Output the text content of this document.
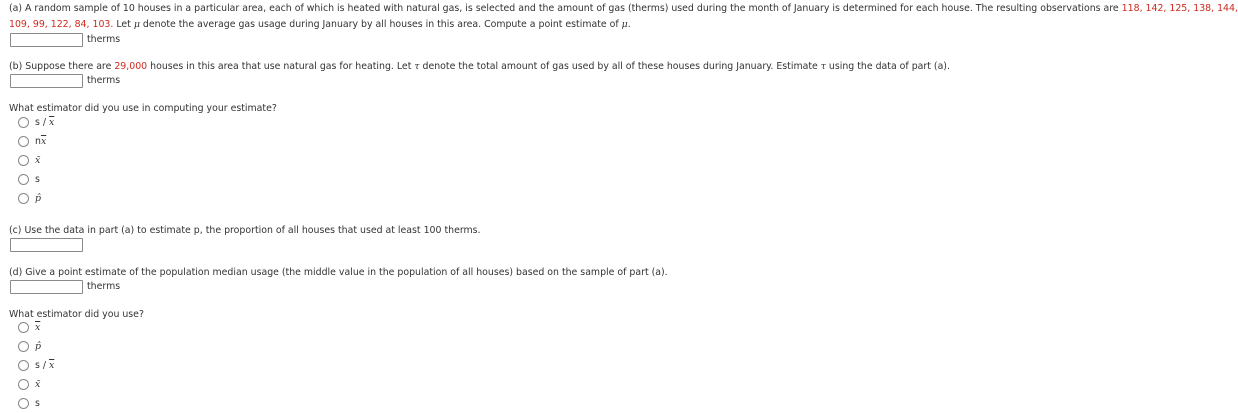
(a) A random sample of 10 houses in a particular area, each of which is heated with natural gas, is selected and the amount of gas (therms) used during the month of January is determined for each house. The resulting observations are 118, 142, 125, 138, 144,
109, 99, 122, 84, 103. Let μ denote the average gas usage during January by all houses in this area. Compute a point estimate of μ.
therms
(b) Suppose there are 29,000 houses in this area that use natural gas for heating. Let τ denote the total amount of gas used by all of these houses during January. Estimate τ using the data of part (a).
therms
What estimator did you use in computing your estimate?
s / $\overline{x}$
$n\overline{x}$
x̃
s
p̂
(c) Use the data in part (a) to estimate p, the proportion of all houses that used at least 100 therms.
(d) Give a point estimate of the population median usage (the middle value in the population of all houses) based on the sample of part (a).
therms
What estimator did you use?
$\overline{x}$
p̂
s / $\overline{x}$
x̃
s
